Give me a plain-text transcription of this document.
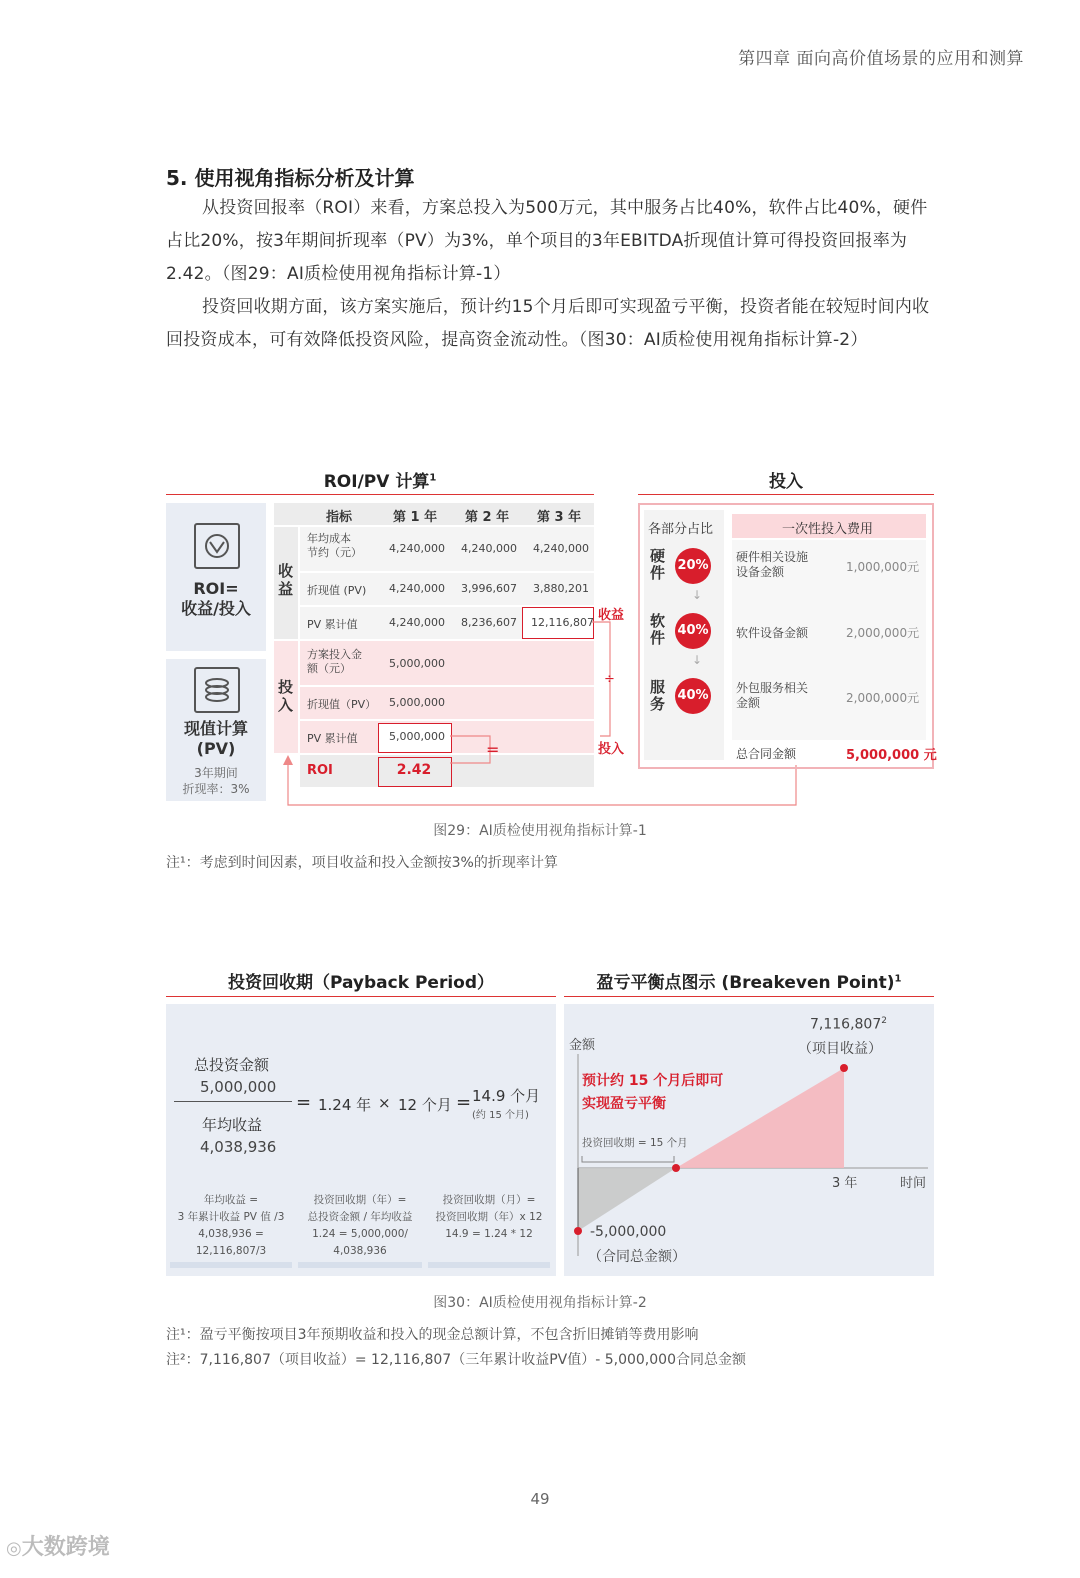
第四章 面向高价值场景的应用和测算
5. 使用视角指标分析及计算
从投资回报率（ROI）来看，方案总投入为500万元，其中服务占比40%，软件占比40%，硬件占比20%，按3年期间折现率（PV）为3%，单个项目的3年EBITDA折现值计算可得投资回报率为2.42。（图29：AI质检使用视角指标计算-1）
投资回收期方面，该方案实施后，预计约15个月后即可实现盈亏平衡，投资者能在较短时间内收回投资成本，可有效降低投资风险，提高资金流动性。（图30：AI质检使用视角指标计算-2）
ROI/PV 计算$^1$	投入
ROI=
收益/投入
现值计算
(PV)
3年期间
折现率：3%
指标	第 1 年 第 2 年 第 3 年
收
益
投
入
年均成本
节约（元） 4,240,000 4,240,000 4,240,000
折现值 (PV) 4,240,000 3,996,607 3,880,201
PV 累计值	4,240,000 8,236,607 12,116,807
方案投入金
额（元）	5,000,000
折现值（PV） 5,000,000
PV 累计值	5,000,000
ROI	2.42
收益
÷
投入
=
各部分占比	一次性投入费用
硬
件 20%
硬件相关设施
设备金额	1,000,000元
↓
软
件 40% 软件设备金额	2,000,000元
↓
服
务 40% 外包服务相关
金额	2,000,000元
总合同金额	5,000,000 元
图29：AI质检使用视角指标计算-1
注¹：考虑到时间因素，项目收益和投入金额按3%的折现率计算
投资回收期（Payback Period）	盈亏平衡点图示 (Breakeven Point)$^1$
总投资金额
5,000,000
年均收益
4,038,936
= 1.24 年 × 12 个月 = 14.9 个月
(约 15 个月)
年均收益 =
3 年累计收益 PV 值 /3
4,038,936 =
12,116,807/3
投资回收期（年）=
总投资金额 / 年均收益
1.24 = 5,000,000/
4,038,936
投资回收期（月）=
投资回收期（年）x 12
14.9 = 1.24 * 12
金额
时间
7,116,807$^2$
（项目收益）
预计约 15 个月后即可
实现盈亏平衡
投资回收期 = 15 个月
3 年
-5,000,000
（合同总金额）
图30：AI质检使用视角指标计算-2
注¹：盈亏平衡按项目3年预期收益和投入的现金总额计算，不包含折旧摊销等费用影响
注²：7,116,807（项目收益）= 12,116,807（三年累计收益PV值）- 5,000,000合同总金额
49
◎大数跨境
